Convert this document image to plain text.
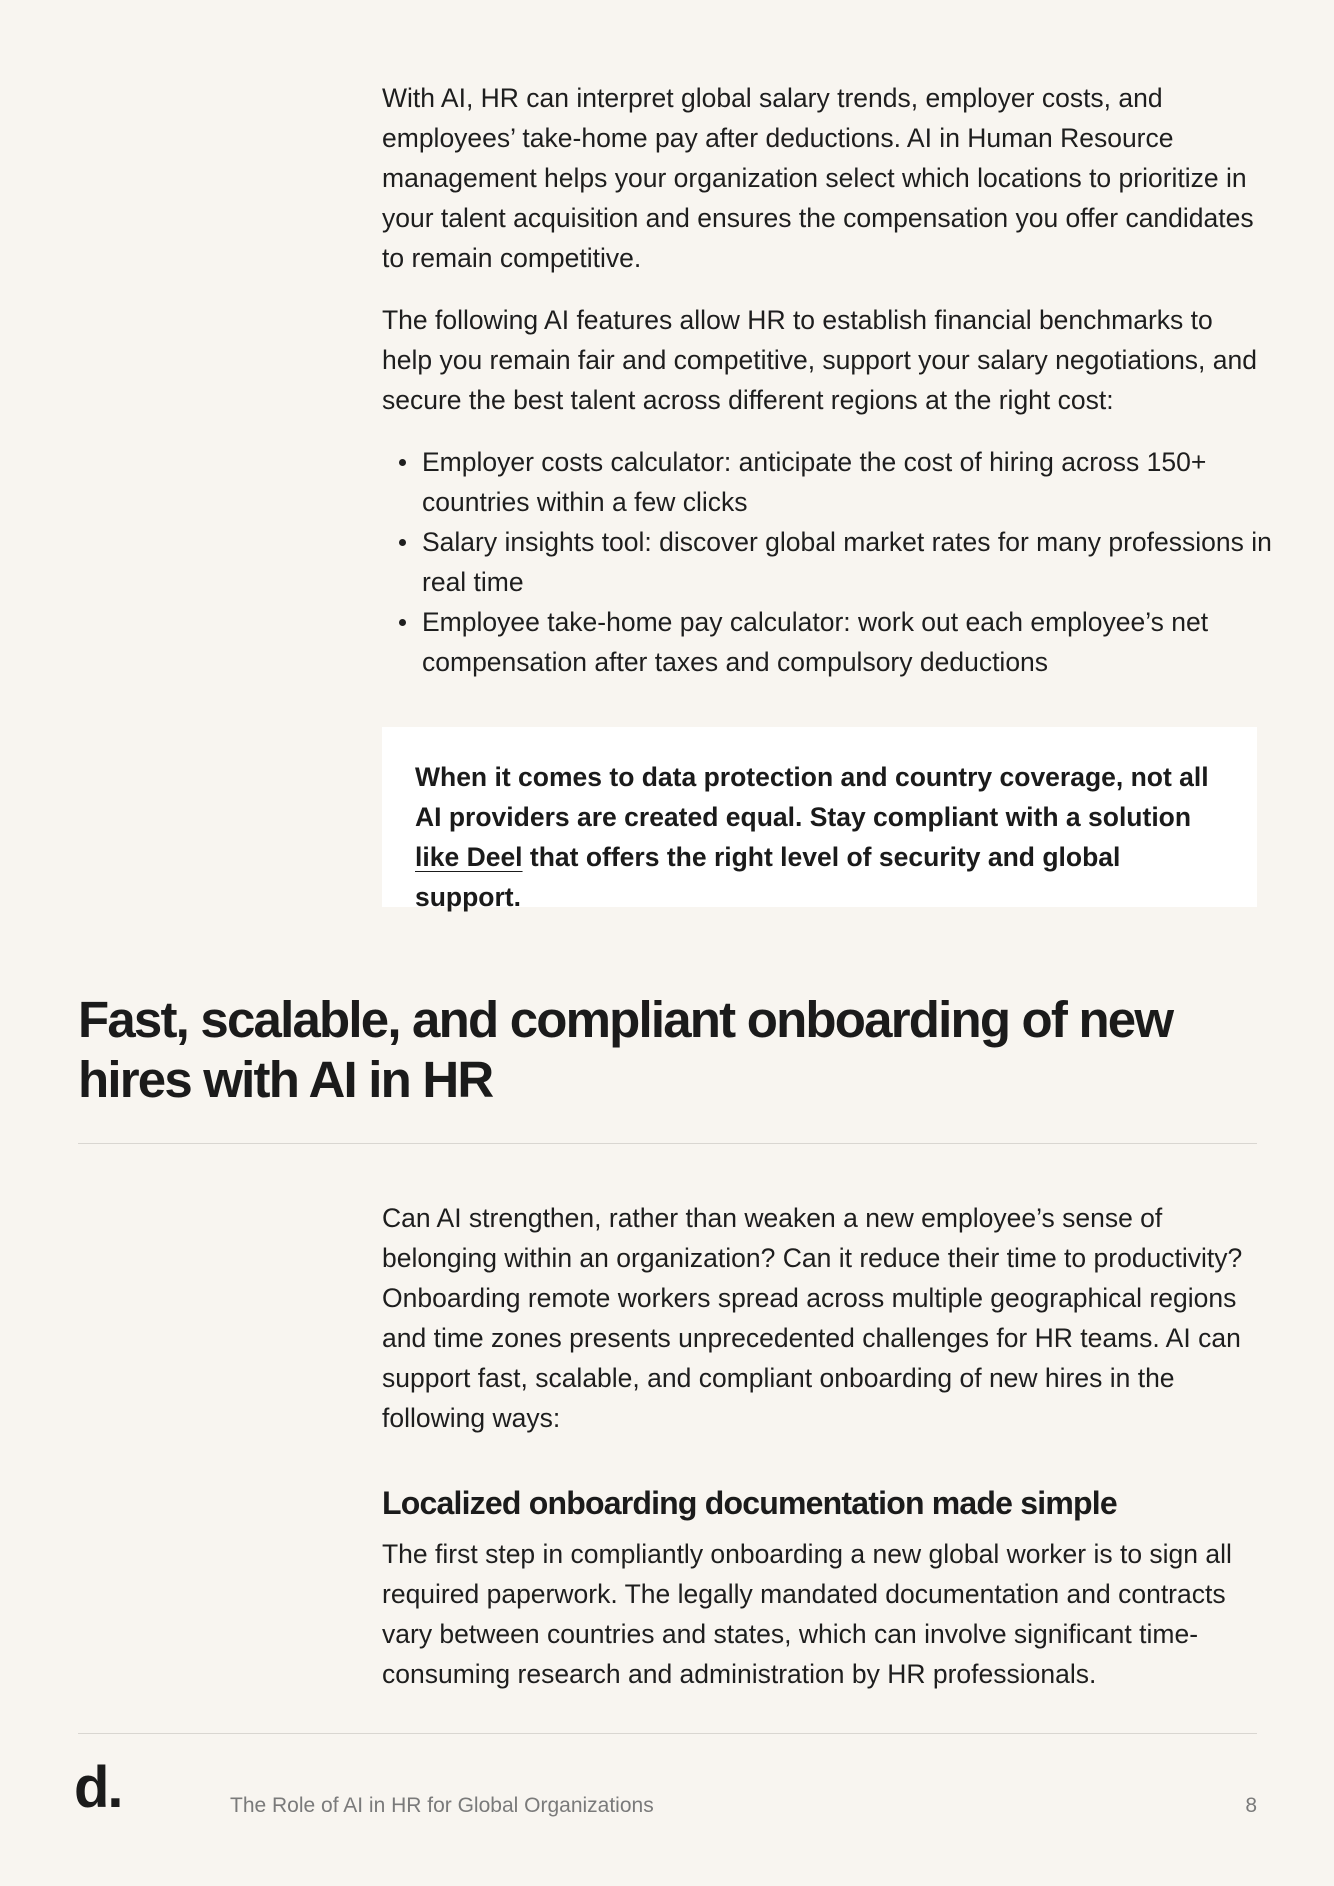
With AI, HR can interpret global salary trends, employer costs, and employees’ take-home pay after deductions. AI in Human Resource management helps your organization select which locations to prioritize in your talent acquisition and ensures the compensation you offer candidates to remain competitive.

The following AI features allow HR to establish financial benchmarks to help you remain fair and competitive, support your salary negotiations, and secure the best talent across different regions at the right cost:

Employer costs calculator: anticipate the cost of hiring across 150+ countries within a few clicks
Salary insights tool: discover global market rates for many professions in real time
Employee take-home pay calculator: work out each employee’s net compensation after taxes and compulsory deductions

When it comes to data protection and country coverage, not all AI providers are created equal. Stay compliant with a solution like Deel that offers the right level of security and global support.

Fast, scalable, and compliant onboarding of new hires with AI in HR

Can AI strengthen, rather than weaken a new employee’s sense of belonging within an organization? Can it reduce their time to productivity? Onboarding remote workers spread across multiple geographical regions and time zones presents unprecedented challenges for HR teams. AI can support fast, scalable, and compliant onboarding of new hires in the following ways:

Localized onboarding documentation made simple

The first step in compliantly onboarding a new global worker is to sign all required paperwork. The legally mandated documentation and contracts vary between countries and states, which can involve significant time-consuming research and administration by HR professionals.

d.	The Role of AI in HR for Global Organizations	8
